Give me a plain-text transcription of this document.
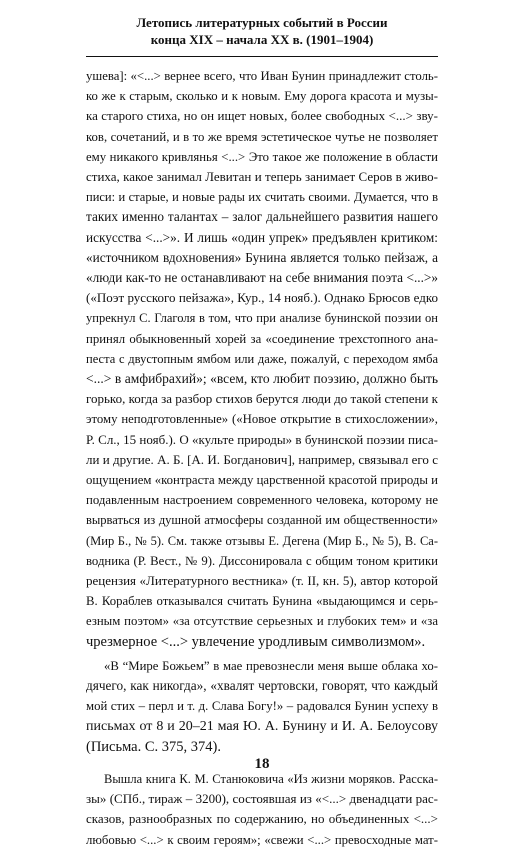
Летопись литературных событий в России
конца XIX – начала XX в. (1901–1904)
ушева]: «<...> вернее всего, что Иван Бунин принадлежит столь-
ко же к старым, сколько и к новым. Ему дорога красота и музы-
ка старого стиха, но он ищет новых, более свободных <...> зву-
ков, сочетаний, и в то же время эстетическое чутье не позволяет
ему никакого кривлянья <...> Это такое же положение в области
стиха, какое занимал Левитан и теперь занимает Серов в живо-
писи: и старые, и новые рады их считать своими. Думается, что в
таких именно талантах – залог дальнейшего развития нашего
искусства <...>». И лишь «один упрек» предъявлен критиком:
«источником вдохновения» Бунина является только пейзаж, а
«люди как-то не останавливают на себе внимания поэта <...>»
(«Поэт русского пейзажа», Кур., 14 нояб.). Однако Брюсов едко
упрекнул С. Глаголя в том, что при анализе бунинской поэзии он
принял обыкновенный хорей за «соединение трехстопного ана-
песта с двустопным ямбом или даже, пожалуй, с переходом ямба
<...> в амфибрахий»; «всем, кто любит поэзию, должно быть
горько, когда за разбор стихов берутся люди до такой степени к
этому неподготовленные» («Новое открытие в стихосложении»,
Р. Сл., 15 нояб.). О «культе природы» в бунинской поэзии писа-
ли и другие. А. Б. [А. И. Богданович], например, связывал его с
ощущением «контраста между царственной красотой природы и
подавленным настроением современного человека, которому не
вырваться из душной атмосферы созданной им общественности»
(Мир Б., № 5). См. также отзывы Е. Дегена (Мир Б., № 5), В. Са-
водника (Р. Вест., № 9). Диссонировала с общим тоном критики
рецензия «Литературного вестника» (т. II, кн. 5), автор которой
В. Кораблев отказывался считать Бунина «выдающимся и серь-
езным поэтом» «за отсутствие серьезных и глубоких тем» и «за
чрезмерное <...> увлечение уродливым символизмом».
«В “Мире Божьем” в мае превознесли меня выше облака хо-
дячего, как никогда», «хвалят чертовски, говорят, что каждый
мой стих – перл и т. д. Слава Богу!» – радовался Бунин успеху в
письмах от 8 и 20–21 мая Ю. А. Бунину и И. А. Белоусову
(Письма. С. 375, 374).
Вышла книга К. М. Станюковича «Из жизни моряков. Расска-
зы» (СПб., тираж – 3200), состоявшая из «<...> двенадцати рас-
сказов, разнообразных по содержанию, но объединенных <...>
любовью <...> к своим героям»; «свежи <...> превосходные мат-
18
